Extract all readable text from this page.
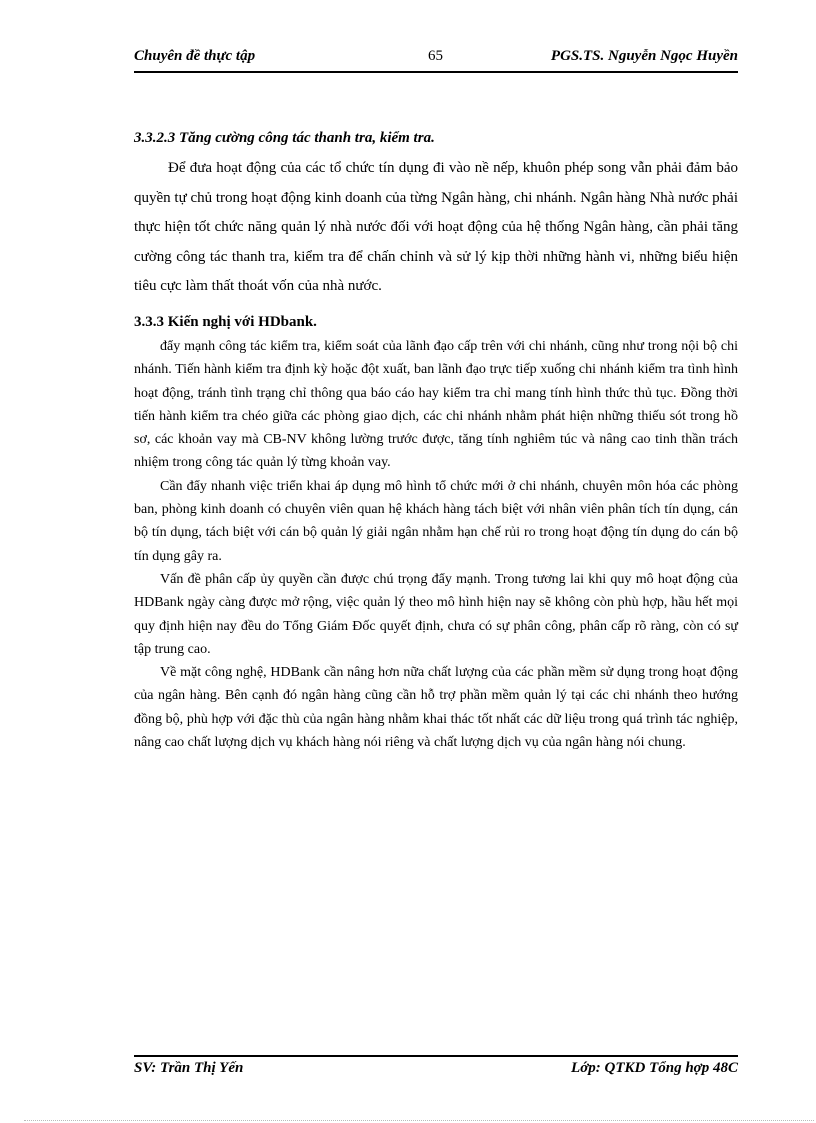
Chuyên đề thực tập	65	PGS.TS. Nguyễn Ngọc Huyền
3.3.2.3 Tăng cường công tác thanh tra, kiểm tra.

Để đưa hoạt động của các tổ chức tín dụng đi vào nề nếp, khuôn phép song vẫn phải đảm bảo quyền tự chủ trong hoạt động kinh doanh của từng Ngân hàng, chi nhánh. Ngân hàng Nhà nước phải thực hiện tốt chức năng quản lý nhà nước đối với hoạt động của hệ thống Ngân hàng, cần phải tăng cường công tác thanh tra, kiểm tra để chấn chỉnh và sử lý kịp thời những hành vi, những biểu hiện tiêu cực làm thất thoát vốn của nhà nước.

3.3.3 Kiến nghị với HDbank.

đẩy mạnh công tác kiểm tra, kiểm soát của lãnh đạo cấp trên với chi nhánh, cũng như trong nội bộ chi nhánh. Tiến hành kiểm tra định kỳ hoặc đột xuất, ban lãnh đạo trực tiếp xuống chi nhánh kiểm tra tình hình hoạt động, tránh tình trạng chỉ thông qua báo cáo hay kiểm tra chỉ mang tính hình thức thủ tục. Đồng thời tiến hành kiểm tra chéo giữa các phòng giao dịch, các chi nhánh nhằm phát hiện những thiếu sót trong hồ sơ, các khoản vay mà CB-NV không lường trước được, tăng tính nghiêm túc và nâng cao tinh thần trách nhiệm trong công tác quản lý từng khoản vay.

Cần đẩy nhanh việc triển khai áp dụng mô hình tổ chức mới ở chi nhánh, chuyên môn hóa các phòng ban, phòng kinh doanh có chuyên viên quan hệ khách hàng tách biệt với nhân viên phân tích tín dụng, cán bộ tín dụng, tách biệt với cán bộ quản lý giải ngân nhằm hạn chế rủi ro trong hoạt động tín dụng do cán bộ tín dụng gây ra.

Vấn đề phân cấp ủy quyền cần được chú trọng đẩy mạnh. Trong tương lai khi quy mô hoạt động của HDBank ngày càng được mở rộng, việc quản lý theo mô hình hiện nay sẽ không còn phù hợp, hầu hết mọi quy định hiện nay đều do Tổng Giám Đốc quyết định, chưa có sự phân công, phân cấp rõ ràng, còn có sự tập trung cao.

Về mặt công nghệ, HDBank cần nâng hơn nữa chất lượng của các phần mềm sử dụng trong hoạt động của ngân hàng. Bên cạnh đó ngân hàng cũng cần hỗ trợ phần mềm quản lý tại các chi nhánh theo hướng đồng bộ, phù hợp với đặc thù của ngân hàng nhằm khai thác tốt nhất các dữ liệu trong quá trình tác nghiệp, nâng cao chất lượng dịch vụ khách hàng nói riêng và chất lượng dịch vụ của ngân hàng nói chung.

SV: Trần Thị Yến	Lớp: QTKD Tổng hợp 48C
